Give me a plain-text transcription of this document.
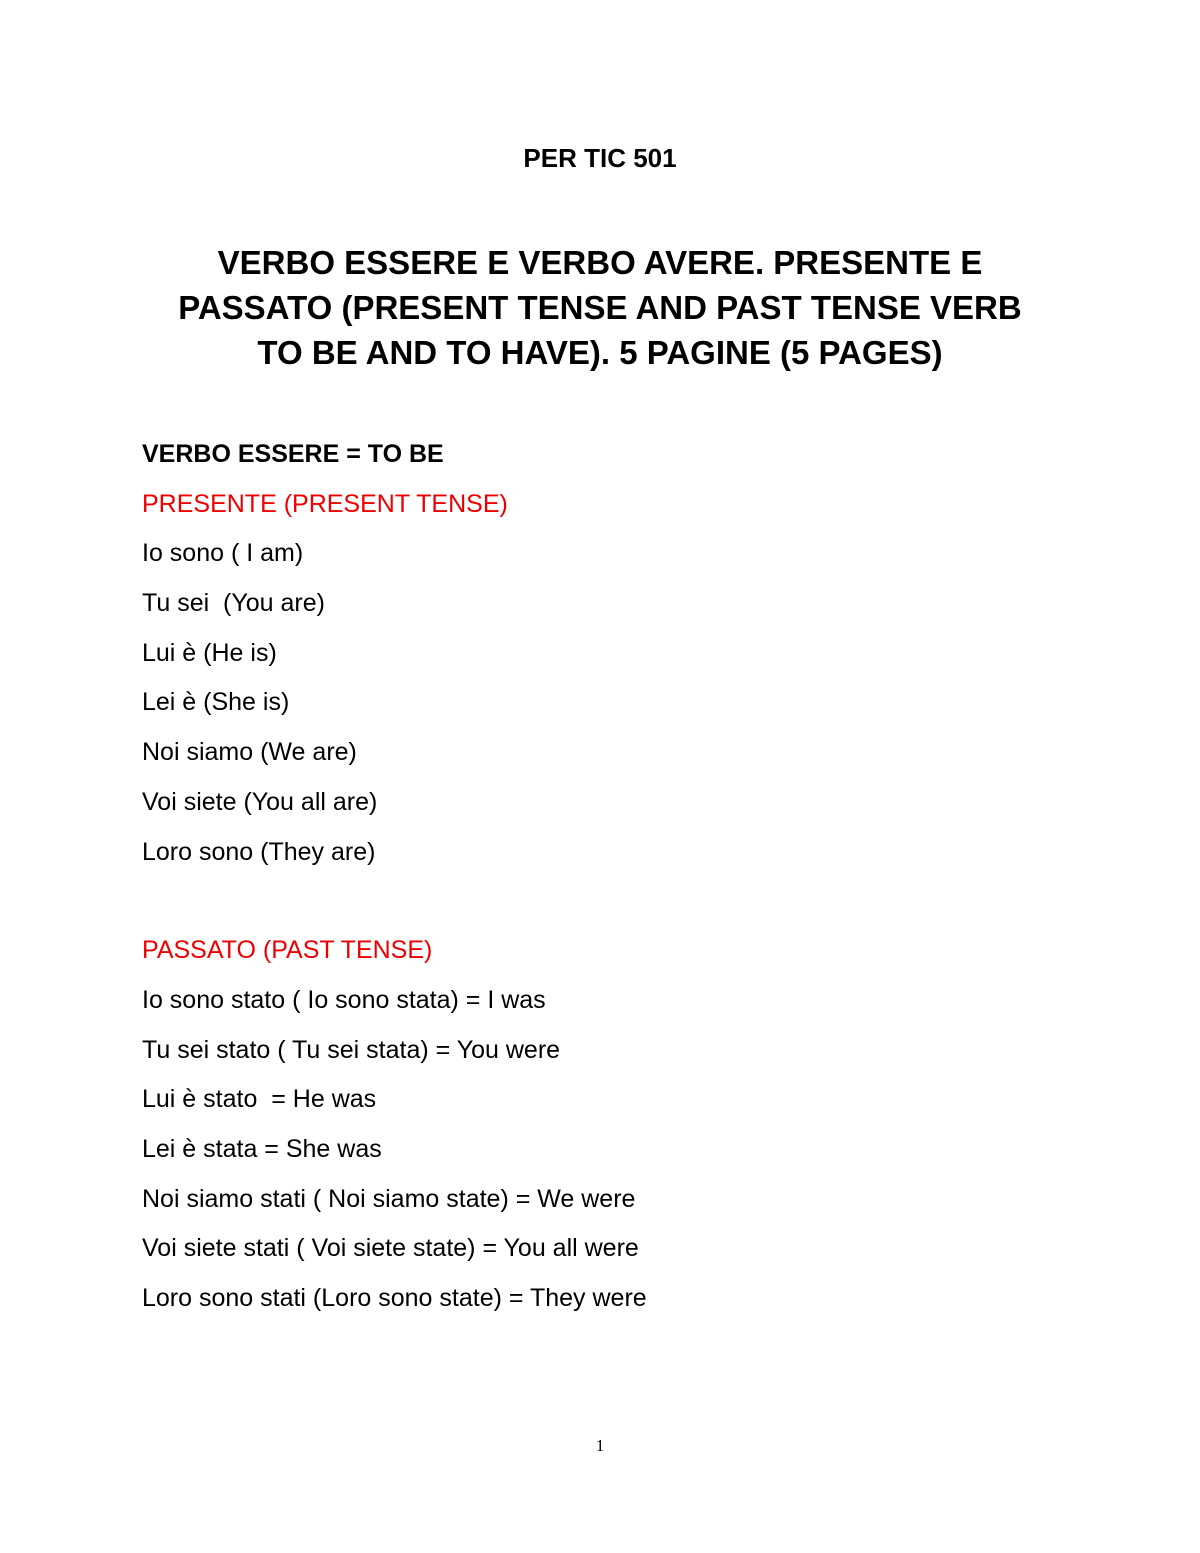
PER TIC 501
VERBO ESSERE E VERBO AVERE. PRESENTE E
PASSATO (PRESENT TENSE AND PAST TENSE VERB
TO BE AND TO HAVE). 5 PAGINE (5 PAGES)
VERBO ESSERE = TO BE
PRESENTE (PRESENT TENSE)
Io sono ( I am)
Tu sei  (You are)
Lui è (He is)
Lei è (She is)
Noi siamo (We are)
Voi siete (You all are)
Loro sono (They are)
PASSATO (PAST TENSE)
Io sono stato ( Io sono stata) = I was
Tu sei stato ( Tu sei stata) = You were
Lui è stato  = He was
Lei è stata = She was
Noi siamo stati ( Noi siamo state) = We were
Voi siete stati ( Voi siete state) = You all were
Loro sono stati (Loro sono state) = They were
1
